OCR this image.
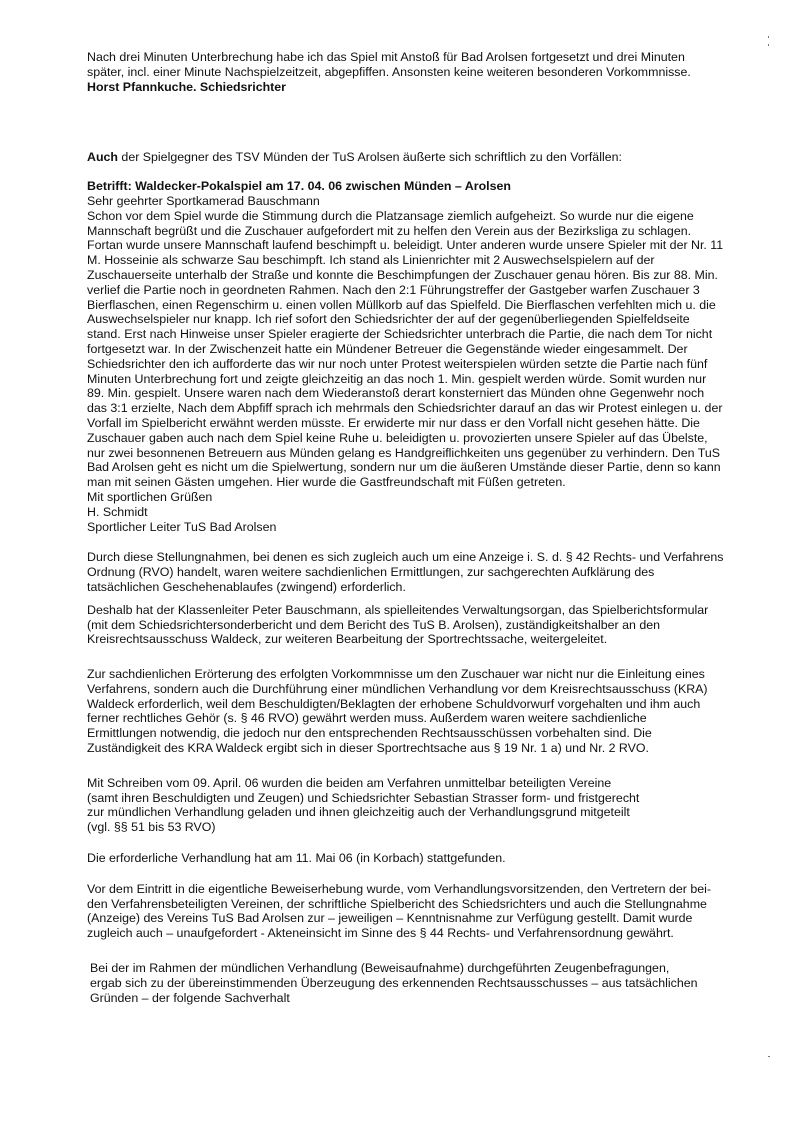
Nach drei Minuten Unterbrechung habe ich das Spiel mit Anstoß für Bad Arolsen fortgesetzt und drei Minuten
später, incl. einer Minute Nachspielzeitzeit, abgepfiffen. Ansonsten keine weiteren besonderen Vorkommnisse.
Horst Pfannkuche. Schiedsrichter
Auch der Spielgegner des TSV Münden der TuS Arolsen äußerte sich schriftlich zu den Vorfällen:
Betrifft: Waldecker-Pokalspiel am 17. 04. 06 zwischen Münden – Arolsen
Sehr geehrter Sportkamerad Bauschmann
Schon vor dem Spiel wurde die Stimmung durch die Platzansage ziemlich aufgeheizt. So wurde nur die eigene
Mannschaft begrüßt und die Zuschauer aufgefordert mit zu helfen den Verein aus der Bezirksliga zu schlagen.
Fortan wurde unsere Mannschaft laufend beschimpft u. beleidigt. Unter anderen wurde unsere Spieler mit der Nr. 11
M. Hosseinie als schwarze Sau beschimpft. Ich stand als Linienrichter mit 2 Auswechselspielern auf der
Zuschauerseite unterhalb der Straße und konnte die Beschimpfungen der Zuschauer genau hören. Bis zur 88. Min.
verlief die Partie noch in geordneten Rahmen. Nach den 2:1 Führungstreffer der Gastgeber warfen Zuschauer 3
Bierflaschen, einen Regenschirm u. einen vollen Müllkorb auf das Spielfeld. Die Bierflaschen verfehlten mich u. die
Auswechselspieler nur knapp. Ich rief sofort den Schiedsrichter der auf der gegenüberliegenden Spielfeldseite
stand. Erst nach Hinweise unser Spieler eragierte der Schiedsrichter unterbrach die Partie, die nach dem Tor nicht
fortgesetzt war. In der Zwischenzeit hatte ein Mündener Betreuer die Gegenstände wieder eingesammelt. Der
Schiedsrichter den ich aufforderte das wir nur noch unter Protest weiterspielen würden setzte die Partie nach fünf
Minuten Unterbrechung fort und zeigte gleichzeitig an das noch 1. Min. gespielt werden würde. Somit wurden nur
89. Min. gespielt. Unsere waren nach dem Wiederanstoß derart konsterniert das Münden ohne Gegenwehr noch
das 3:1 erzielte, Nach dem Abpfiff sprach ich mehrmals den Schiedsrichter darauf an das wir Protest einlegen u. der
Vorfall im Spielbericht erwähnt werden müsste. Er erwiderte mir nur dass er den Vorfall nicht gesehen hätte. Die
Zuschauer gaben auch nach dem Spiel keine Ruhe u. beleidigten u. provozierten unsere Spieler auf das Übelste,
nur zwei besonnenen Betreuern aus Münden gelang es Handgreiflichkeiten uns gegenüber zu verhindern. Den TuS
Bad Arolsen geht es nicht um die Spielwertung, sondern nur um die äußeren Umstände dieser Partie, denn so kann
man mit seinen Gästen umgehen. Hier wurde die Gastfreundschaft mit Füßen getreten.
Mit sportlichen Grüßen
H. Schmidt
Sportlicher Leiter TuS Bad Arolsen
Durch diese Stellungnahmen, bei denen es sich zugleich auch um eine Anzeige i. S. d. § 42 Rechts- und Verfahrens
Ordnung (RVO) handelt, waren weitere sachdienlichen Ermittlungen, zur sachgerechten Aufklärung des
tatsächlichen Geschehenablaufes (zwingend) erforderlich.
Deshalb hat der Klassenleiter Peter Bauschmann, als spielleitendes Verwaltungsorgan, das Spielberichtsformular
(mit dem Schiedsrichtersonderbericht und dem Bericht des TuS B. Arolsen), zuständigkeitshalber an den
Kreisrechtsausschuss Waldeck, zur weiteren Bearbeitung der Sportrechtssache, weitergeleitet.
Zur sachdienlichen Erörterung des erfolgten Vorkommnisse um den Zuschauer war nicht nur die Einleitung eines
Verfahrens, sondern auch die Durchführung einer mündlichen Verhandlung vor dem Kreisrechtsausschuss (KRA)
Waldeck erforderlich, weil dem Beschuldigten/Beklagten der erhobene Schuldvorwurf vorgehalten und ihm auch
ferner rechtliches Gehör (s. § 46 RVO) gewährt werden muss. Außerdem waren weitere sachdienliche
Ermittlungen notwendig, die jedoch nur den entsprechenden Rechtsausschüssen vorbehalten sind. Die
Zuständigkeit des KRA Waldeck ergibt sich in dieser Sportrechtsache aus § 19 Nr. 1 a) und Nr. 2 RVO.
Mit Schreiben vom 09. April. 06 wurden die beiden am Verfahren unmittelbar beteiligten Vereine
(samt ihren Beschuldigten und Zeugen) und Schiedsrichter Sebastian Strasser form- und fristgerecht
zur mündlichen Verhandlung geladen und ihnen gleichzeitig auch der Verhandlungsgrund mitgeteilt
(vgl. §§ 51 bis 53 RVO)
Die erforderliche Verhandlung hat am 11. Mai 06 (in Korbach) stattgefunden.
Vor dem Eintritt in die eigentliche Beweiserhebung wurde, vom Verhandlungsvorsitzenden, den Vertretern der bei-
den Verfahrensbeteiligten Vereinen, der schriftliche Spielbericht des Schiedsrichters und auch die Stellungnahme
(Anzeige) des Vereins TuS Bad Arolsen zur – jeweiligen – Kenntnisnahme zur Verfügung gestellt. Damit wurde
zugleich auch – unaufgefordert - Akteneinsicht im Sinne des § 44 Rechts- und Verfahrensordnung gewährt.
Bei der im Rahmen der mündlichen Verhandlung (Beweisaufnahme) durchgeführten Zeugenbefragungen,
ergab sich zu der übereinstimmenden Überzeugung des erkennenden Rechtsausschusses – aus tatsächlichen
Gründen – der folgende Sachverhalt
